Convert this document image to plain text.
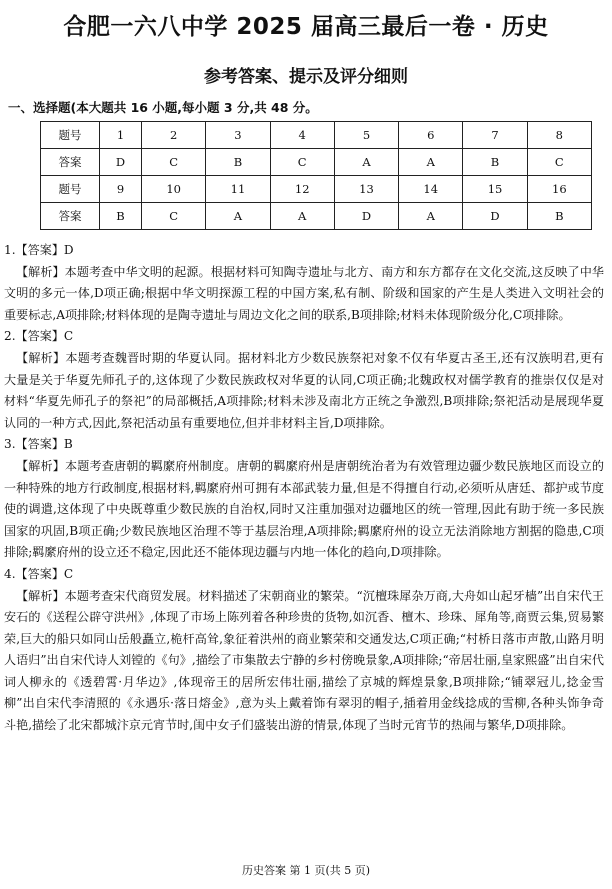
合肥一六八中学 2025 届高三最后一卷 · 历史
参考答案、提示及评分细则
一、选择题(本大题共 16 小题,每小题 3 分,共 48 分。
题号	1	2	3	4	5	6	7	8
答案	D	C	B	C	A	A	B	C
题号	9	10	11	12	13	14	15	16
答案	B	C	A	A	D	A	D	B
1.【答案】D
【解析】本题考查中华文明的起源。根据材料可知陶寺遗址与北方、南方和东方都存在文化交流,这反映了中华文明的多元一体,D项正确;根据中华文明探源工程的中国方案,私有制、阶级和国家的产生是人类进入文明社会的重要标志,A项排除;材料体现的是陶寺遗址与周边文化之间的联系,B项排除;材料未体现阶级分化,C项排除。
2.【答案】C
【解析】本题考查魏晋时期的华夏认同。据材料北方少数民族祭祀对象不仅有华夏古圣王,还有汉族明君,更有大量是关于华夏先师孔子的,这体现了少数民族政权对华夏的认同,C项正确;北魏政权对儒学教育的推崇仅仅是对材料“华夏先师孔子的祭祀”的局部概括,A项排除;材料未涉及南北方正统之争激烈,B项排除;祭祀活动是展现华夏认同的一种方式,因此,祭祀活动虽有重要地位,但并非材料主旨,D项排除。
3.【答案】B
【解析】本题考查唐朝的羁縻府州制度。唐朝的羁縻府州是唐朝统治者为有效管理边疆少数民族地区而设立的一种特殊的地方行政制度,根据材料,羁縻府州可拥有本部武装力量,但是不得擅自行动,必须听从唐廷、都护或节度使的调遣,这体现了中央既尊重少数民族的自治权,同时又注重加强对边疆地区的统一管理,因此有助于统一多民族国家的巩固,B项正确;少数民族地区治理不等于基层治理,A项排除;羁縻府州的设立无法消除地方割据的隐患,C项排除;羁縻府州的设立还不稳定,因此还不能体现边疆与内地一体化的趋向,D项排除。
4.【答案】C
【解析】本题考查宋代商贸发展。材料描述了宋朝商业的繁荣。“沉檀珠犀杂万商,大舟如山起牙樯”出自宋代王安石的《送程公辟守洪州》,体现了市场上陈列着各种珍贵的货物,如沉香、檀木、珍珠、犀角等,商贾云集,贸易繁荣,巨大的船只如同山岳般矗立,桅杆高耸,象征着洪州的商业繁荣和交通发达,C项正确;“村桥日落市声散,山路月明人语归”出自宋代诗人刘镗的《句》,描绘了市集散去宁静的乡村傍晚景象,A项排除;“帝居壮丽,皇家熙盛”出自宋代词人柳永的《透碧霄·月华边》,体现帝王的居所宏伟壮丽,描绘了京城的辉煌景象,B项排除;“铺翠冠儿,捻金雪柳”出自宋代李清照的《永遇乐·落日熔金》,意为头上戴着饰有翠羽的帽子,插着用金线捻成的雪柳,各种头饰争奇斗艳,描绘了北宋都城汴京元宵节时,闺中女子们盛装出游的情景,体现了当时元宵节的热闹与繁华,D项排除。
历史答案 第 1 页(共 5 页)
